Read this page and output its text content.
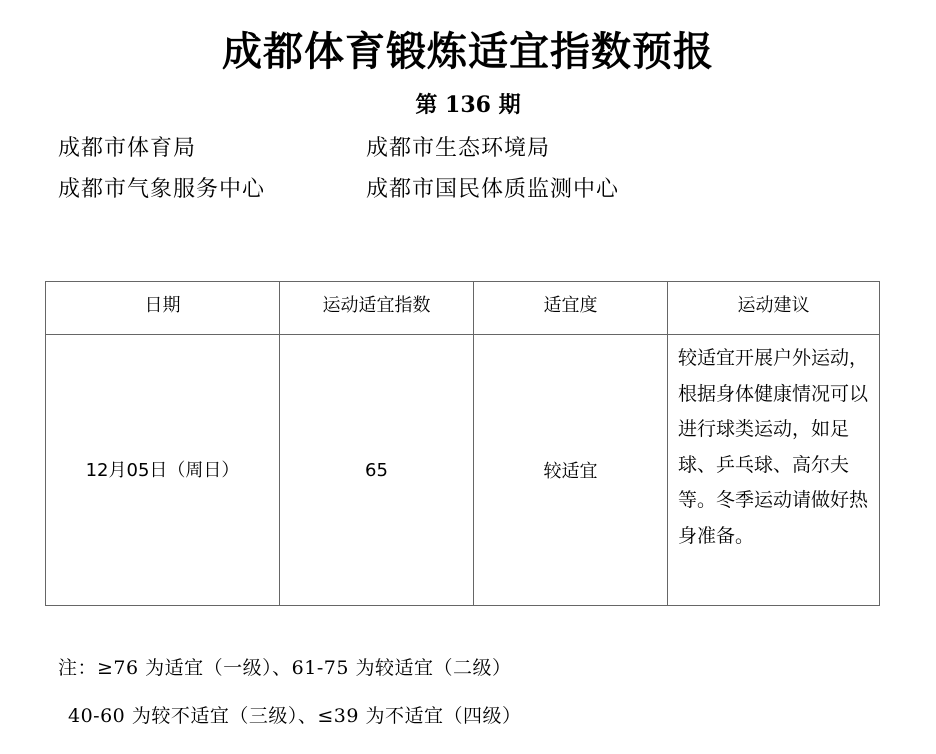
成都体育锻炼适宜指数预报
第 136 期
成都市体育局	成都市生态环境局
成都市气象服务中心	成都市国民体质监测中心
日期	运动适宜指数	适宜度	运动建议
12月05日（周日）	65	较适宜	较适宜开展户外运动，根据身体健康情况可以进行球类运动，如足球、乒乓球、高尔夫等。冬季运动请做好热身准备。
注：≥76 为适宜（一级）、61-75 为较适宜（二级）
40-60 为较不适宜（三级）、≤39 为不适宜（四级）
